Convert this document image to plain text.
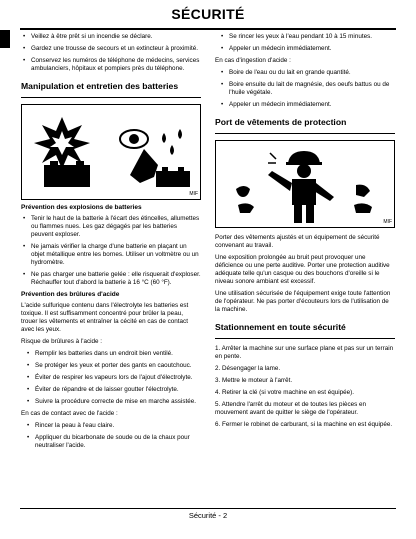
SÉCURITÉ
• Veillez à être prêt si un incendie se déclare.
• Gardez une trousse de secours et un extincteur à proximité.
• Conservez les numéros de téléphone de médecins, services ambulanciers, hôpitaux et pompiers près du téléphone.
Manipulation et entretien des batteries
MIF
Prévention des explosions de batteries
• Tenir le haut de la batterie à l'écart des étincelles, allumettes ou flammes nues. Les gaz dégagés par les batteries peuvent exploser.
• Ne jamais vérifier la charge d'une batterie en plaçant un objet métallique entre les bornes. Utiliser un voltmètre ou un hydromètre.
• Ne pas charger une batterie gelée : elle risquerait d'exploser. Réchauffer tout d'abord la batterie à 16 °C (60 °F).
Prévention des brûlures d'acide

L'acide sulfurique contenu dans l'électrolyte les batteries est toxique. Il est suffisamment concentré pour brûler la peau, trouer les vêtements et entraîner la cécité en cas de contact avec les yeux.

Risque de brûlures à l'acide :

• Remplir les batteries dans un endroit bien ventilé.
• Se protéger les yeux et porter des gants en caoutchouc.
• Éviter de respirer les vapeurs lors de l'ajout d'électrolyte.
• Éviter de répandre et de laisser goutter l'électrolyte.
• Suivre la procédure correcte de mise en marche assistée.

En cas de contact avec de l'acide :

• Rincer la peau à l'eau claire.
• Appliquer du bicarbonate de soude ou de la chaux pour neutraliser l'acide.
• Se rincer les yeux à l'eau pendant 10 à 15 minutes.
• Appeler un médecin immédiatement.

En cas d'ingestion d'acide :

• Boire de l'eau ou du lait en grande quantité.
• Boire ensuite du lait de magnésie, des oeufs battus ou de l'huile végétale.
• Appeler un médecin immédiatement.
Port de vêtements de protection
MIF

Porter des vêtements ajustés et un équipement de sécurité convenant au travail.

Une exposition prolongée au bruit peut provoquer une déficience ou une perte auditive. Porter une protection auditive adéquate telle qu'un casque ou des bouchons d'oreille si le niveau sonore ambiant est excessif.

Une utilisation sécurisée de l'équipement exige toute l'attention de l'opérateur. Ne pas porter d'écouteurs lors de l'utilisation de la machine.

Stationnement en toute sécurité

1. Arrêter la machine sur une surface plane et pas sur un terrain en pente.

2. Désengager la lame.

3. Mettre le moteur à l'arrêt.

4. Retirer la clé (si votre machine en est équipée).

5. Attendre l'arrêt du moteur et de toutes les pièces en mouvement avant de quitter le siège de l'opérateur.

6. Fermer le robinet de carburant, si la machine en est équipée.

Sécurité - 2
